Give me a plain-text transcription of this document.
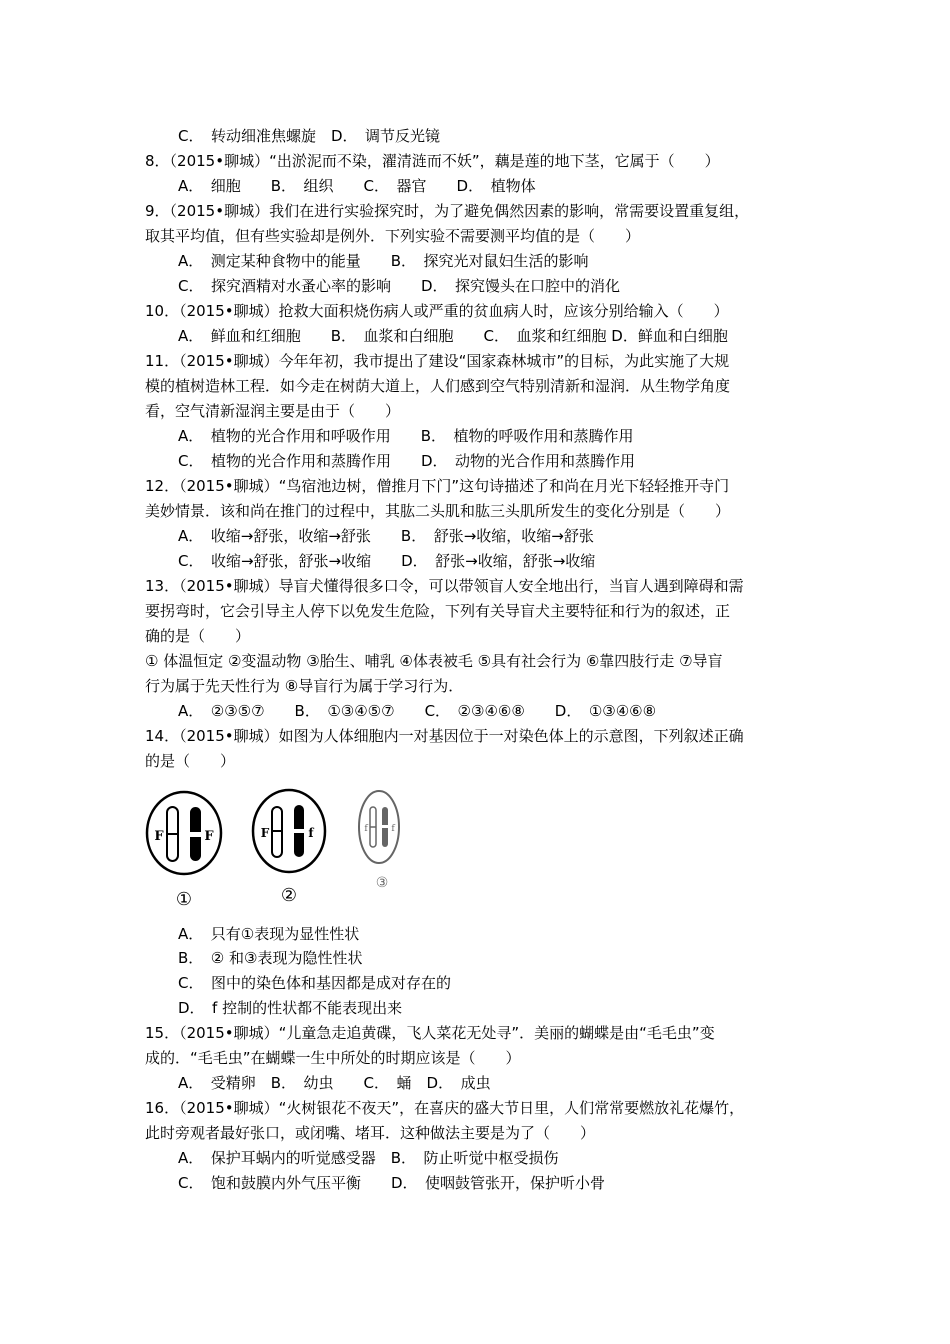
C．　转动细准焦螺旋　D．　调节反光镜
8．（2015•聊城）“出淤泥而不染，濯清涟而不妖”，藕是莲的地下茎，它属于（　　）
A．　细胞　　B．　组织　　C．　器官　　D．　植物体
9．（2015•聊城）我们在进行实验探究时，为了避免偶然因素的影响，常需要设置重复组，
取其平均值，但有些实验却是例外．下列实验不需要测平均值的是（　　）
A．　测定某种食物中的能量　　B．　探究光对鼠妇生活的影响
C．　探究酒精对水蚤心率的影响　　D．　探究馒头在口腔中的消化
10．（2015•聊城）抢救大面积烧伤病人或严重的贫血病人时，应该分别给输入（　　）
A．　鲜血和红细胞　　B．　血浆和白细胞　　C．　血浆和红细胞 D．鲜血和白细胞
11．（2015•聊城）今年年初，我市提出了建设“国家森林城市”的目标，为此实施了大规
模的植树造林工程．如今走在树荫大道上，人们感到空气特别清新和湿润．从生物学角度
看，空气清新湿润主要是由于（　　）
A．　植物的光合作用和呼吸作用　　B．　植物的呼吸作用和蒸腾作用
C．　植物的光合作用和蒸腾作用　　D．　动物的光合作用和蒸腾作用
12．（2015•聊城）“鸟宿池边树，僧推月下门”这句诗描述了和尚在月光下轻轻推开寺门
美妙情景．该和尚在推门的过程中，其肱二头肌和肱三头肌所发生的变化分别是（　　）
A．　收缩→舒张，收缩→舒张　　B．　舒张→收缩，收缩→舒张
C．　收缩→舒张，舒张→收缩　　D．　舒张→收缩，舒张→收缩
13．（2015•聊城）导盲犬懂得很多口令，可以带领盲人安全地出行，当盲人遇到障碍和需
要拐弯时，它会引导主人停下以免发生危险，下列有关导盲犬主要特征和行为的叙述，正
确的是（　　）
① 体温恒定 ②变温动物 ③胎生、哺乳 ④体表被毛 ⑤具有社会行为 ⑥靠四肢行走 ⑦导盲
行为属于先天性行为 ⑧导盲行为属于学习行为．
A．　②③⑤⑦　　B．　①③④⑤⑦　　C．　②③④⑥⑧　　D．　①③④⑥⑧
14．（2015•聊城）如图为人体细胞内一对基因位于一对染色体上的示意图，下列叙述正确
的是（　　）
F	F
①
F	f
②
f	f
③
A．　只有①表现为显性性状
B．　② 和③表现为隐性性状
C．　图中的染色体和基因都是成对存在的
D．　f 控制的性状都不能表现出来
15．（2015•聊城）“儿童急走追黄碟，飞人菜花无处寻”．美丽的蝴蝶是由“毛毛虫”变
成的．“毛毛虫”在蝴蝶一生中所处的时期应该是（　　）
A．　受精卵　B．　幼虫　　C．　蛹　D．　成虫
16．（2015•聊城）“火树银花不夜天”，在喜庆的盛大节日里，人们常常要燃放礼花爆竹，
此时旁观者最好张口，或闭嘴、堵耳．这种做法主要是为了（　　）
A．　保护耳蜗内的听觉感受器　B．　防止听觉中枢受损伤
C．　饱和鼓膜内外气压平衡　　D．　使咽鼓管张开，保护听小骨
